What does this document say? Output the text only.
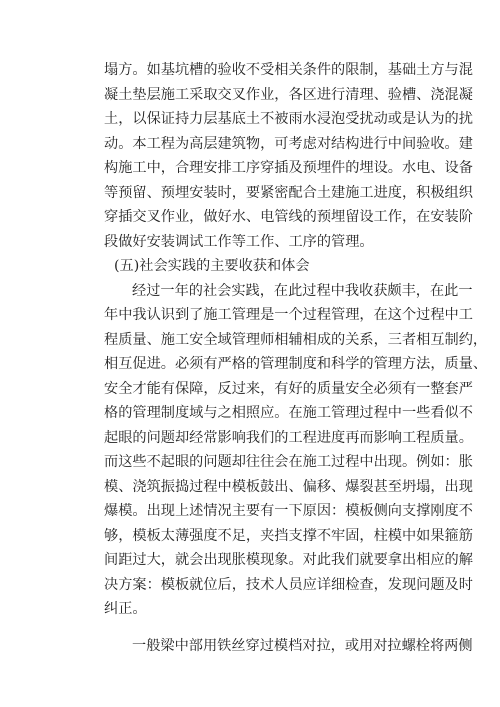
塌方。如基坑槽的验收不受相关条件的限制，基础土方与混
凝土垫层施工采取交叉作业，各区进行清理、验槽、浇混凝
土，以保证持力层基底土不被雨水浸泡受扰动或是认为的扰
动。本工程为高层建筑物，可考虑对结构进行中间验收。建
构施工中，合理安排工序穿插及预埋件的埋设。水电、设备
等预留、预埋安装时，要紧密配合土建施工进度，积极组织
穿插交叉作业，做好水、电管线的预埋留设工作，在安装阶
段做好安装调试工作等工作、工序的管理。
(五)社会实践的主要收获和体会
经过一年的社会实践，在此过程中我收获颇丰，在此一
年中我认识到了施工管理是一个过程管理，在这个过程中工
程质量、施工安全域管理师相辅相成的关系，三者相互制约，
相互促进。必须有严格的管理制度和科学的管理方法，质量、
安全才能有保障，反过来，有好的质量安全必须有一整套严
格的管理制度域与之相照应。在施工管理过程中一些看似不
起眼的问题却经常影响我们的工程进度再而影响工程质量。
而这些不起眼的问题却往往会在施工过程中出现。例如：胀
模、浇筑振捣过程中模板鼓出、偏移、爆裂甚至坍塌，出现
爆模。出现上述情况主要有一下原因：模板侧向支撑刚度不
够，模板太薄强度不足，夹挡支撑不牢固，柱模中如果箍筋
间距过大，就会出现胀模现象。对此我们就要拿出相应的解
决方案：模板就位后，技术人员应详细检查，发现问题及时
纠正。
一般梁中部用铁丝穿过模档对拉，或用对拉螺栓将两侧
